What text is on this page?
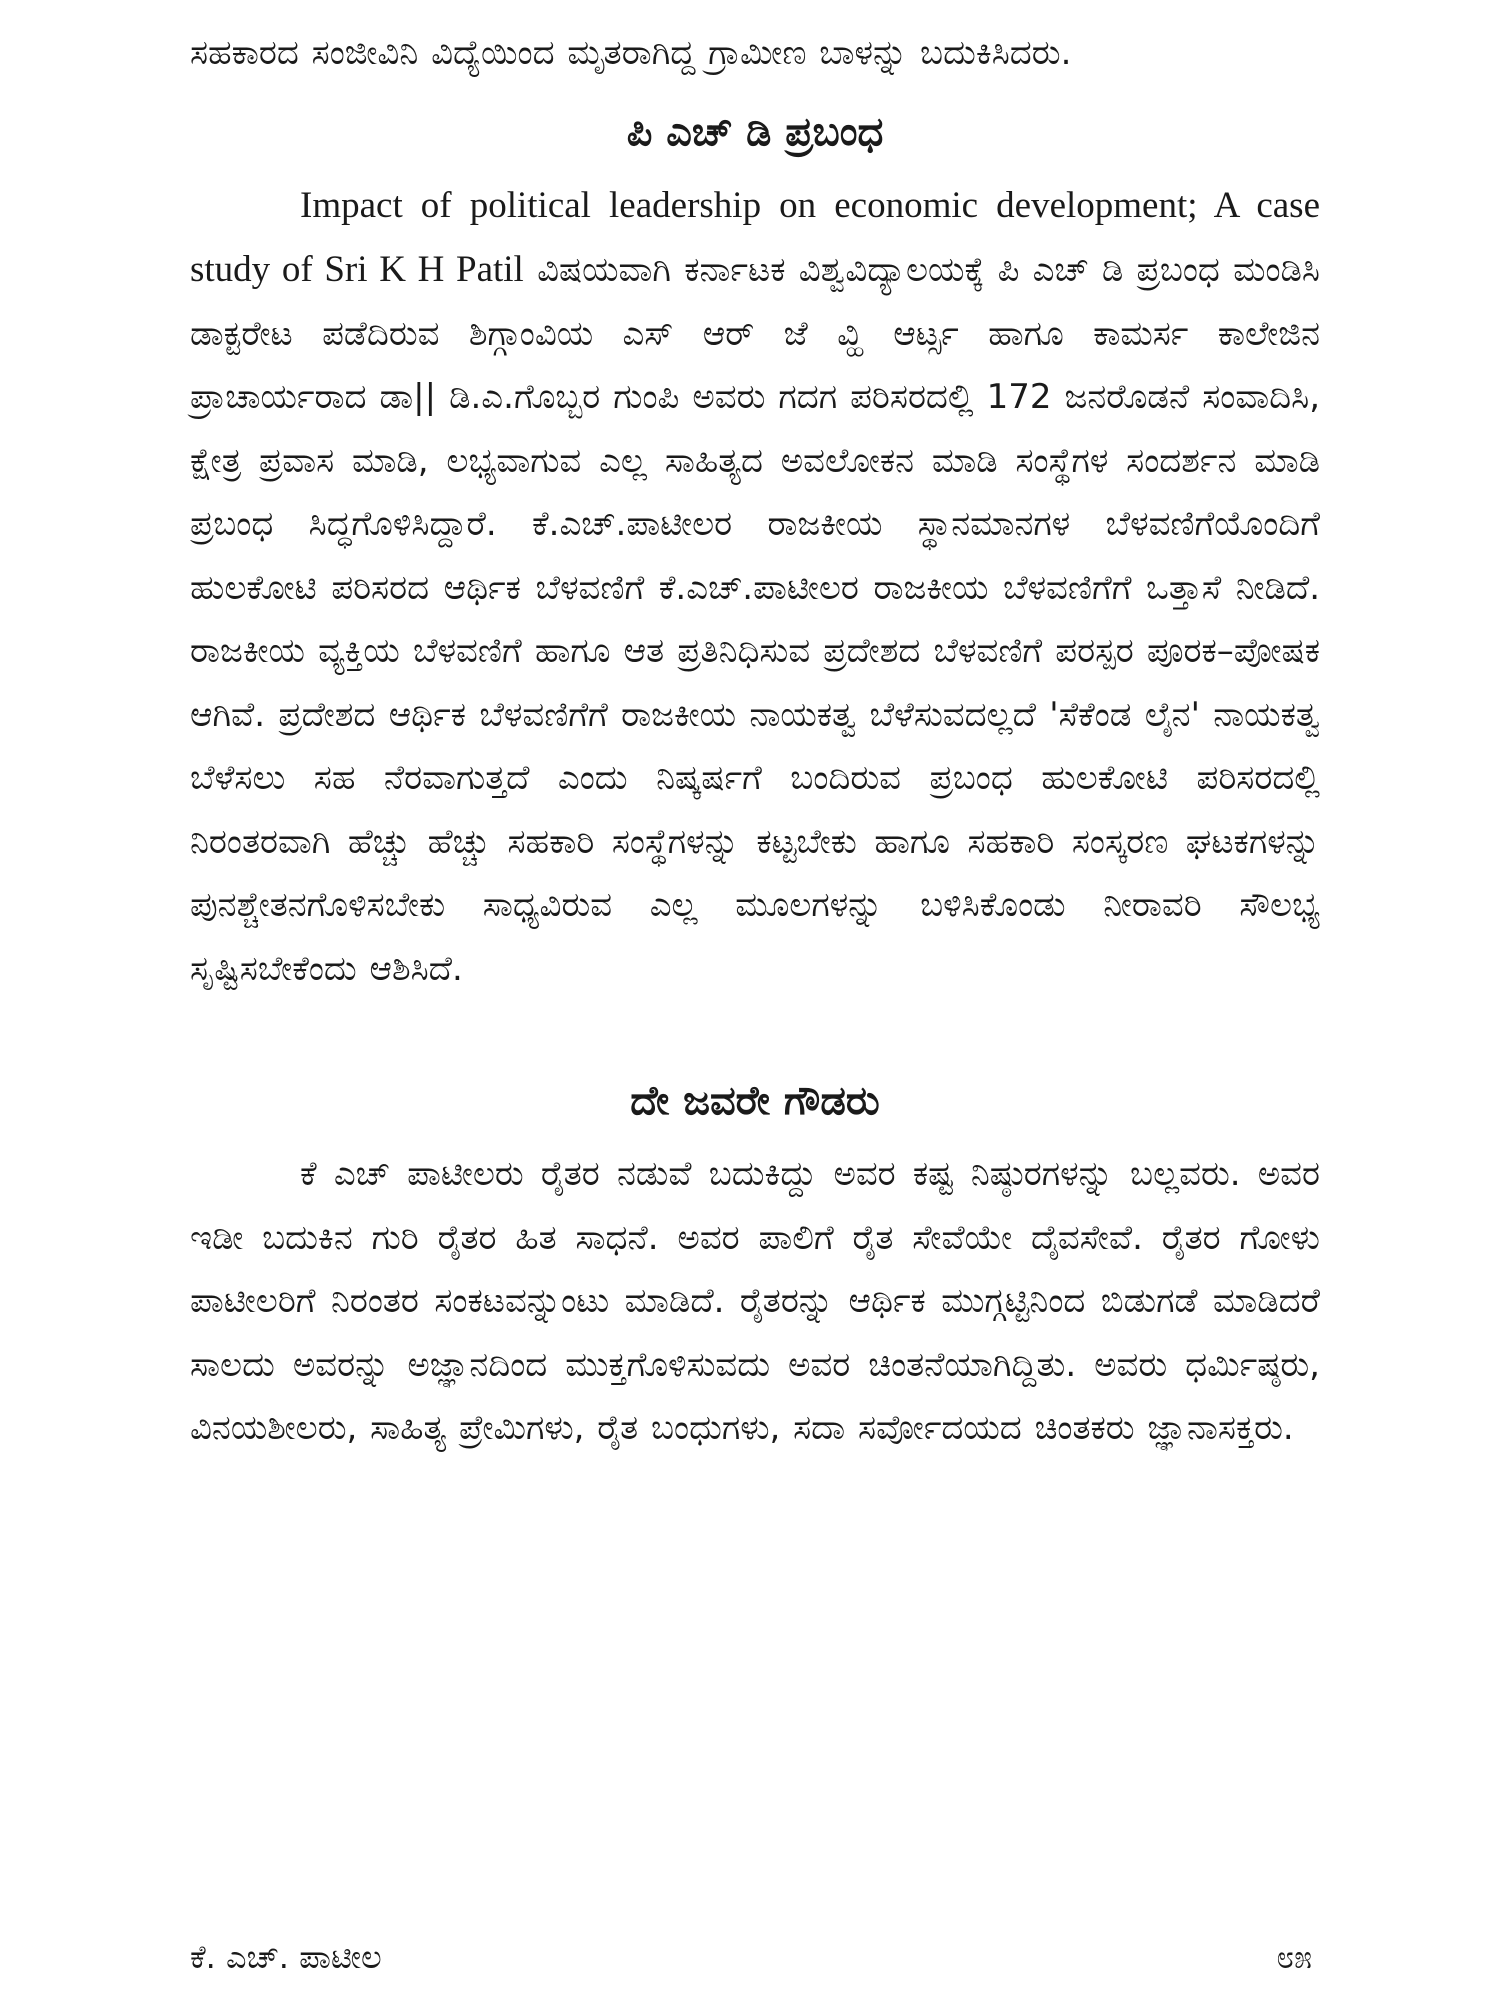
ಸಹಕಾರದ ಸಂಜೀವಿನಿ ವಿದ್ಯೆಯಿಂದ ಮೃತರಾಗಿದ್ದ ಗ್ರಾಮೀಣ ಬಾಳನ್ನು ಬದುಕಿಸಿದರು.

ಪಿ ಎಚ್ ಡಿ ಪ್ರಬಂಧ

Impact of political leadership on economic development; A case study of Sri K H Patil ವಿಷಯವಾಗಿ ಕರ್ನಾಟಕ ವಿಶ್ವವಿದ್ಯಾಲಯಕ್ಕೆ ಪಿ ಎಚ್ ಡಿ ಪ್ರಬಂಧ ಮಂಡಿಸಿ ಡಾಕ್ಟರೇಟ ಪಡೆದಿರುವ ಶಿಗ್ಗಾಂವಿಯ ಎಸ್ ಆರ್ ಜೆ ವ್ಹಿ ಆರ್ಟ್ಸ ಹಾಗೂ ಕಾಮರ್ಸ ಕಾಲೇಜಿನ ಪ್ರಾಚಾರ್ಯರಾದ ಡಾ|| ಡಿ.ಎ.ಗೊಬ್ಬರ ಗುಂಪಿ ಅವರು ಗದಗ ಪರಿಸರದಲ್ಲಿ 172 ಜನರೊಡನೆ ಸಂವಾದಿಸಿ, ಕ್ಷೇತ್ರ ಪ್ರವಾಸ ಮಾಡಿ, ಲಭ್ಯವಾಗುವ ಎಲ್ಲ ಸಾಹಿತ್ಯದ ಅವಲೋಕನ ಮಾಡಿ ಸಂಸ್ಥೆಗಳ ಸಂದರ್ಶನ ಮಾಡಿ ಪ್ರಬಂಧ ಸಿದ್ಧಗೊಳಿಸಿದ್ದಾರೆ. ಕೆ.ಎಚ್.ಪಾಟೀಲರ ರಾಜಕೀಯ ಸ್ಥಾನಮಾನಗಳ ಬೆಳವಣಿಗೆಯೊಂದಿಗೆ ಹುಲಕೋಟಿ ಪರಿಸರದ ಆರ್ಥಿಕ ಬೆಳವಣಿಗೆ ಕೆ.ಎಚ್.ಪಾಟೀಲರ ರಾಜಕೀಯ ಬೆಳವಣಿಗೆಗೆ ಒತ್ತಾಸೆ ನೀಡಿದೆ. ರಾಜಕೀಯ ವ್ಯಕ್ತಿಯ ಬೆಳವಣಿಗೆ ಹಾಗೂ ಆತ ಪ್ರತಿನಿಧಿಸುವ ಪ್ರದೇಶದ ಬೆಳವಣಿಗೆ ಪರಸ್ಪರ ಪೂರಕ–ಪೋಷಕ ಆಗಿವೆ. ಪ್ರದೇಶದ ಆರ್ಥಿಕ ಬೆಳವಣಿಗೆಗೆ ರಾಜಕೀಯ ನಾಯಕತ್ವ ಬೆಳೆಸುವದಲ್ಲದೆ 'ಸೆಕೆಂಡ ಲೈನ' ನಾಯಕತ್ವ ಬೆಳೆಸಲು ಸಹ ನೆರವಾಗುತ್ತದೆ ಎಂದು ನಿಷ್ಕರ್ಷಗೆ ಬಂದಿರುವ ಪ್ರಬಂಧ ಹುಲಕೋಟಿ ಪರಿಸರದಲ್ಲಿ ನಿರಂತರವಾಗಿ ಹೆಚ್ಚು ಹೆಚ್ಚು ಸಹಕಾರಿ ಸಂಸ್ಥೆಗಳನ್ನು ಕಟ್ಟಬೇಕು ಹಾಗೂ ಸಹಕಾರಿ ಸಂಸ್ಕರಣ ಘಟಕಗಳನ್ನು ಪುನಶ್ಚೇತನಗೊಳಿಸಬೇಕು ಸಾಧ್ಯವಿರುವ ಎಲ್ಲ ಮೂಲಗಳನ್ನು ಬಳಿಸಿಕೊಂಡು ನೀರಾವರಿ ಸೌಲಭ್ಯ ಸೃಷ್ಟಿಸಬೇಕೆಂದು ಆಶಿಸಿದೆ.

ದೇ ಜವರೇ ಗೌಡರು

ಕೆ ಎಚ್ ಪಾಟೀಲರು ರೈತರ ನಡುವೆ ಬದುಕಿದ್ದು ಅವರ ಕಷ್ಟ ನಿಷ್ಠುರಗಳನ್ನು ಬಲ್ಲವರು. ಅವರ ಇಡೀ ಬದುಕಿನ ಗುರಿ ರೈತರ ಹಿತ ಸಾಧನೆ. ಅವರ ಪಾಲಿಗೆ ರೈತ ಸೇವೆಯೇ ದೈವಸೇವೆ. ರೈತರ ಗೋಳು ಪಾಟೀಲರಿಗೆ ನಿರಂತರ ಸಂಕಟವನ್ನುಂಟು ಮಾಡಿದೆ. ರೈತರನ್ನು ಆರ್ಥಿಕ ಮುಗ್ಗಟ್ಟಿನಿಂದ ಬಿಡುಗಡೆ ಮಾಡಿದರೆ ಸಾಲದು ಅವರನ್ನು ಅಜ್ಞಾನದಿಂದ ಮುಕ್ತಗೊಳಿಸುವದು ಅವರ ಚಿಂತನೆಯಾಗಿದ್ದಿತು. ಅವರು ಧರ್ಮಿಷ್ಠರು, ವಿನಯಶೀಲರು, ಸಾಹಿತ್ಯ ಪ್ರೇಮಿಗಳು, ರೈತ ಬಂಧುಗಳು, ಸದಾ ಸರ್ವೋದಯದ ಚಿಂತಕರು ಜ್ಞಾನಾಸಕ್ತರು.

ಕೆ. ಎಚ್. ಪಾಟೀಲ	೮೫
